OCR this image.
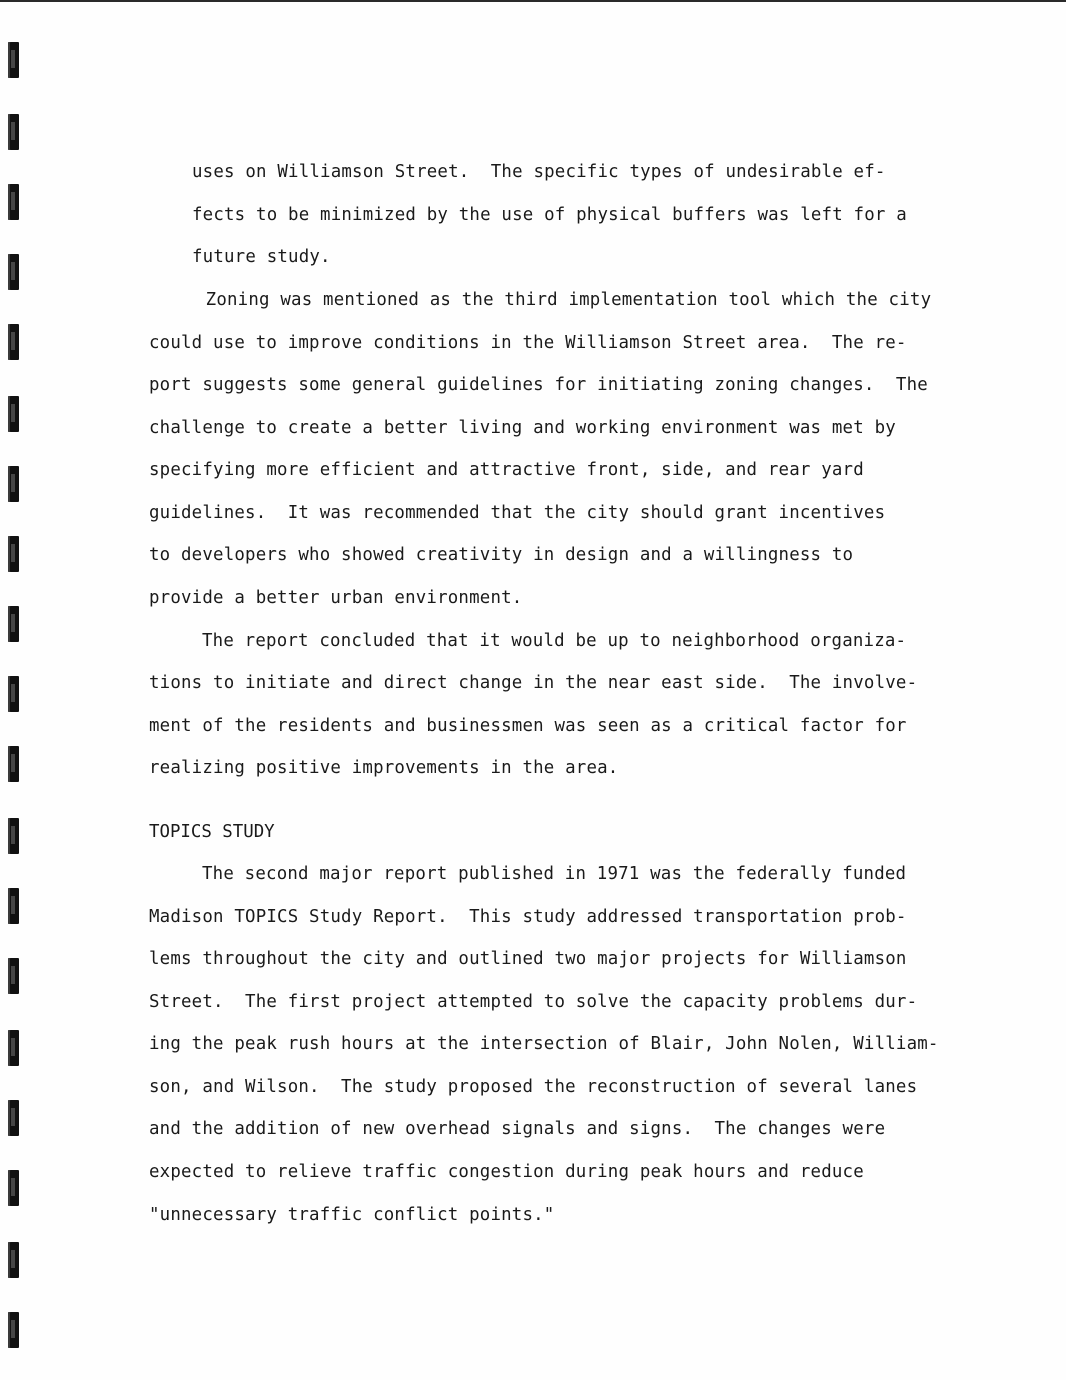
uses on Williamson Street.  The specific types of undesirable ef-
fects to be minimized by the use of physical buffers was left for a
future study.
Zoning was mentioned as the third implementation tool which the city
could use to improve conditions in the Williamson Street area.  The re-
port suggests some general guidelines for initiating zoning changes.  The
challenge to create a better living and working environment was met by
specifying more efficient and attractive front, side, and rear yard
guidelines.  It was recommended that the city should grant incentives
to developers who showed creativity in design and a willingness to
provide a better urban environment.
The report concluded that it would be up to neighborhood organiza-
tions to initiate and direct change in the near east side.  The involve-
ment of the residents and businessmen was seen as a critical factor for
realizing positive improvements in the area.
TOPICS STUDY
The second major report published in 1971 was the federally funded
Madison TOPICS Study Report.  This study addressed transportation prob-
lems throughout the city and outlined two major projects for Williamson
Street.  The first project attempted to solve the capacity problems dur-
ing the peak rush hours at the intersection of Blair, John Nolen, William-
son, and Wilson.  The study proposed the reconstruction of several lanes
and the addition of new overhead signals and signs.  The changes were
expected to relieve traffic congestion during peak hours and reduce
"unnecessary traffic conflict points."
